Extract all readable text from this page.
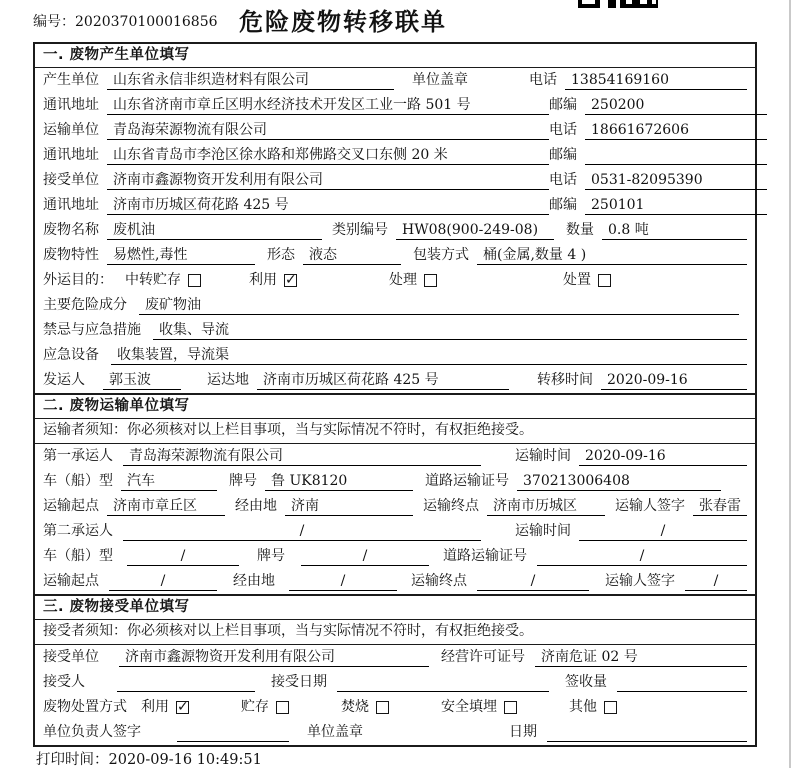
编号：2020370100016856 危险废物转移联单
一. 废物产生单位填写
产生单位	山东省永信非织造材料有限公司	单位盖章	电话	13854169160
通讯地址	山东省济南市章丘区明水经济技术开发区工业一路 501 号	邮编	250200
运输单位	青岛海荣源物流有限公司	电话	18661672606
通讯地址	山东省青岛市李沧区徐水路和郑佛路交叉口东侧 20 米	邮编
接受单位	济南市鑫源物资开发利用有限公司	电话	0531-82095390
通讯地址	济南市历城区荷花路 425 号	邮编	250101
废物名称	废机油	类别编号	HW08(900-249-08)	数量	0.8 吨
废物特性	易燃性,毒性	形态	液态	包装方式	桶(金属,数量 4 )
外运目的： 中转贮存	利用 ✓	处理	处置
主要危险成分	废矿物油
禁忌与应急措施	收集、导流
应急设备	收集装置，导流渠
发运人	郭玉波	运达地	济南市历城区荷花路 425 号	转移时间	2020-09-16
二. 废物运输单位填写
运输者须知：你必须核对以上栏目事项，当与实际情况不符时，有权拒绝接受。
第一承运人	青岛海荣源物流有限公司	运输时间	2020-09-16
车（船）型	汽车	牌号	鲁 UK8120	道路运输证号	370213006408
运输起点	济南市章丘区	经由地	济南	运输终点	济南市历城区	运输人签字	张春雷
第二承运人	/	运输时间	/
车（船）型	/	牌号	/	道路运输证号	/
运输起点	/	经由地	/	运输终点	/	运输人签字	/
三. 废物接受单位填写
接受者须知：你必须核对以上栏目事项，当与实际情况不符时，有权拒绝接受。
接受单位	济南市鑫源物资开发利用有限公司	经营许可证号	济南危证 02 号
接受人	接受日期	签收量
废物处置方式 利用 ✓	贮存	焚烧	安全填埋	其他
单位负责人签字	单位盖章	日期
打印时间：2020-09-16 10:49:51
